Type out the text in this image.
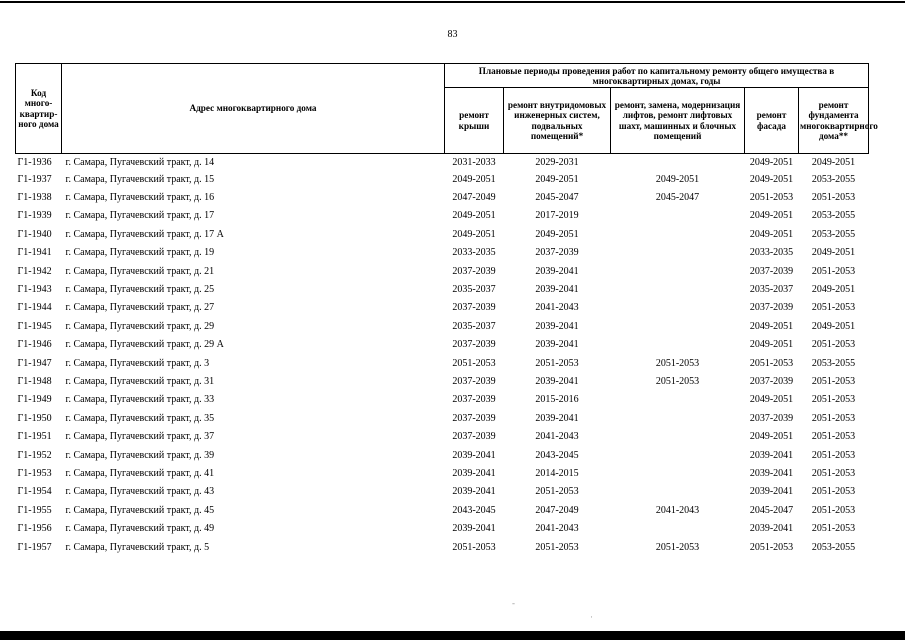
83
Код много-квартир-ного дома	Адрес многоквартирного дома	Плановые периоды проведения работ по капитальному ремонту общего имущества в многоквартирных домах, годы				
		ремонт крыши	ремонт внутридомовых инженерных систем, подвальных помещений*	ремонт, замена, модернизация лифтов, ремонт лифтовых шахт, машинных и блочных помещений	ремонт фасада	ремонт фундамента многоквартирного дома**
Г1-1936	г. Самара, Пугачевский тракт, д. 14	2031-2033	2029-2031		2049-2051	2049-2051
Г1-1937	г. Самара, Пугачевский тракт, д. 15	2049-2051	2049-2051	2049-2051	2049-2051	2053-2055
Г1-1938	г. Самара, Пугачевский тракт, д. 16	2047-2049	2045-2047	2045-2047	2051-2053	2051-2053
Г1-1939	г. Самара, Пугачевский тракт, д. 17	2049-2051	2017-2019		2049-2051	2053-2055
Г1-1940	г. Самара, Пугачевский тракт, д. 17 А	2049-2051	2049-2051		2049-2051	2053-2055
Г1-1941	г. Самара, Пугачевский тракт, д. 19	2033-2035	2037-2039		2033-2035	2049-2051
Г1-1942	г. Самара, Пугачевский тракт, д. 21	2037-2039	2039-2041		2037-2039	2051-2053
Г1-1943	г. Самара, Пугачевский тракт, д. 25	2035-2037	2039-2041		2035-2037	2049-2051
Г1-1944	г. Самара, Пугачевский тракт, д. 27	2037-2039	2041-2043		2037-2039	2051-2053
Г1-1945	г. Самара, Пугачевский тракт, д. 29	2035-2037	2039-2041		2049-2051	2049-2051
Г1-1946	г. Самара, Пугачевский тракт, д. 29 А	2037-2039	2039-2041		2049-2051	2051-2053
Г1-1947	г. Самара, Пугачевский тракт, д. 3	2051-2053	2051-2053	2051-2053	2051-2053	2053-2055
Г1-1948	г. Самара, Пугачевский тракт, д. 31	2037-2039	2039-2041	2051-2053	2037-2039	2051-2053
Г1-1949	г. Самара, Пугачевский тракт, д. 33	2037-2039	2015-2016		2049-2051	2051-2053
Г1-1950	г. Самара, Пугачевский тракт, д. 35	2037-2039	2039-2041		2037-2039	2051-2053
Г1-1951	г. Самара, Пугачевский тракт, д. 37	2037-2039	2041-2043		2049-2051	2051-2053
Г1-1952	г. Самара, Пугачевский тракт, д. 39	2039-2041	2043-2045		2039-2041	2051-2053
Г1-1953	г. Самара, Пугачевский тракт, д. 41	2039-2041	2014-2015		2039-2041	2051-2053
Г1-1954	г. Самара, Пугачевский тракт, д. 43	2039-2041	2051-2053		2039-2041	2051-2053
Г1-1955	г. Самара, Пугачевский тракт, д. 45	2043-2045	2047-2049	2041-2043	2045-2047	2051-2053
Г1-1956	г. Самара, Пугачевский тракт, д. 49	2039-2041	2041-2043		2039-2041	2051-2053
Г1-1957	г. Самара, Пугачевский тракт, д. 5	2051-2053	2051-2053	2051-2053	2051-2053	2053-2055
‐
·
